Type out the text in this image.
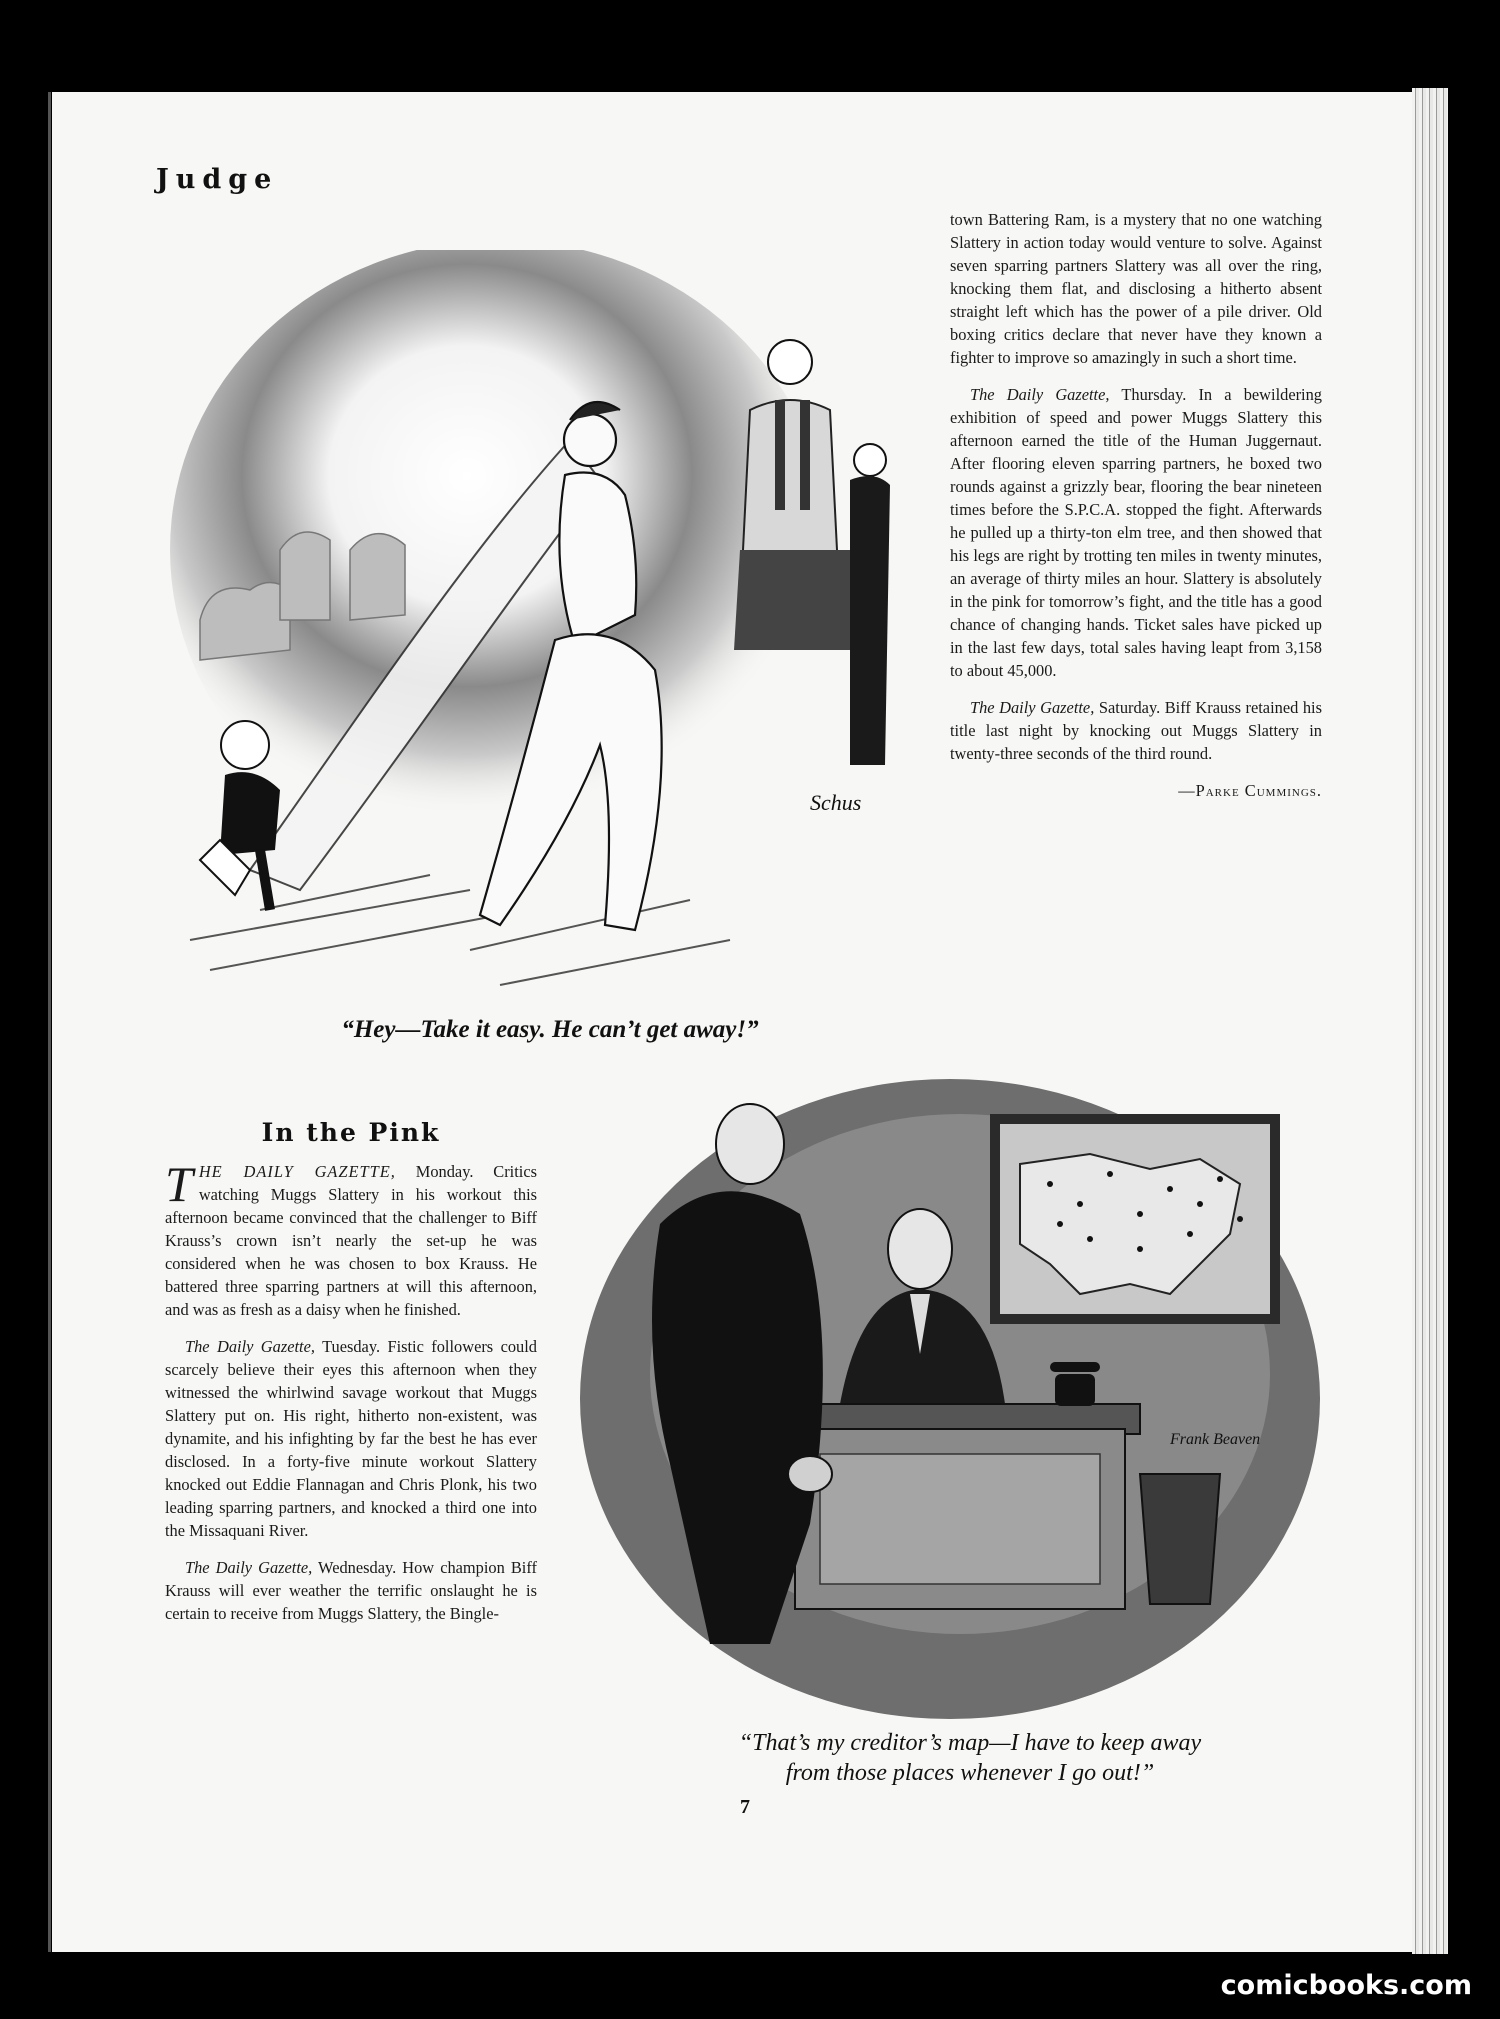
Judge
Schus
“Hey—Take it easy. He can’t get away!”

town Battering Ram, is a mystery that no one watching Slattery in action today would venture to solve. Against seven sparring partners Slattery was all over the ring, knocking them flat, and disclosing a hitherto absent straight left which has the power of a pile driver. Old boxing critics declare that never have they known a fighter to improve so amazingly in such a short time.

The Daily Gazette, Thursday. In a bewildering exhibition of speed and power Muggs Slattery this afternoon earned the title of the Human Juggernaut. After flooring eleven sparring partners, he boxed two rounds against a grizzly bear, flooring the bear nineteen times before the S.P.C.A. stopped the fight. Afterwards he pulled up a thirty-ton elm tree, and then showed that his legs are right by trotting ten miles in twenty minutes, an average of thirty miles an hour. Slattery is absolutely in the pink for tomorrow’s fight, and the title has a good chance of changing hands. Ticket sales have picked up in the last few days, total sales having leapt from 3,158 to about 45,000.

The Daily Gazette, Saturday. Biff Krauss retained his title last night by knocking out Muggs Slattery in twenty-three seconds of the third round.

—Parke Cummings.

In the Pink

THE DAILY GAZETTE, Monday. Critics watching Muggs Slattery in his workout this afternoon became convinced that the challenger to Biff Krauss’s crown isn’t nearly the set-up he was considered when he was chosen to box Krauss. He battered three sparring partners at will this afternoon, and was as fresh as a daisy when he finished.

The Daily Gazette, Tuesday. Fistic followers could scarcely believe their eyes this afternoon when they witnessed the whirlwind savage workout that Muggs Slattery put on. His right, hitherto non-existent, was dynamite, and his infighting by far the best he has ever disclosed. In a forty-five minute workout Slattery knocked out Eddie Flannagan and Chris Plonk, his two leading sparring partners, and knocked a third one into the Missaquani River.

The Daily Gazette, Wednesday. How champion Biff Krauss will ever weather the terrific onslaught he is certain to receive from Muggs Slattery, the Bingle-

Frank Beaven
“That’s my creditor’s map—I have to keep away
from those places whenever I go out!”
7
comicbooks.com
